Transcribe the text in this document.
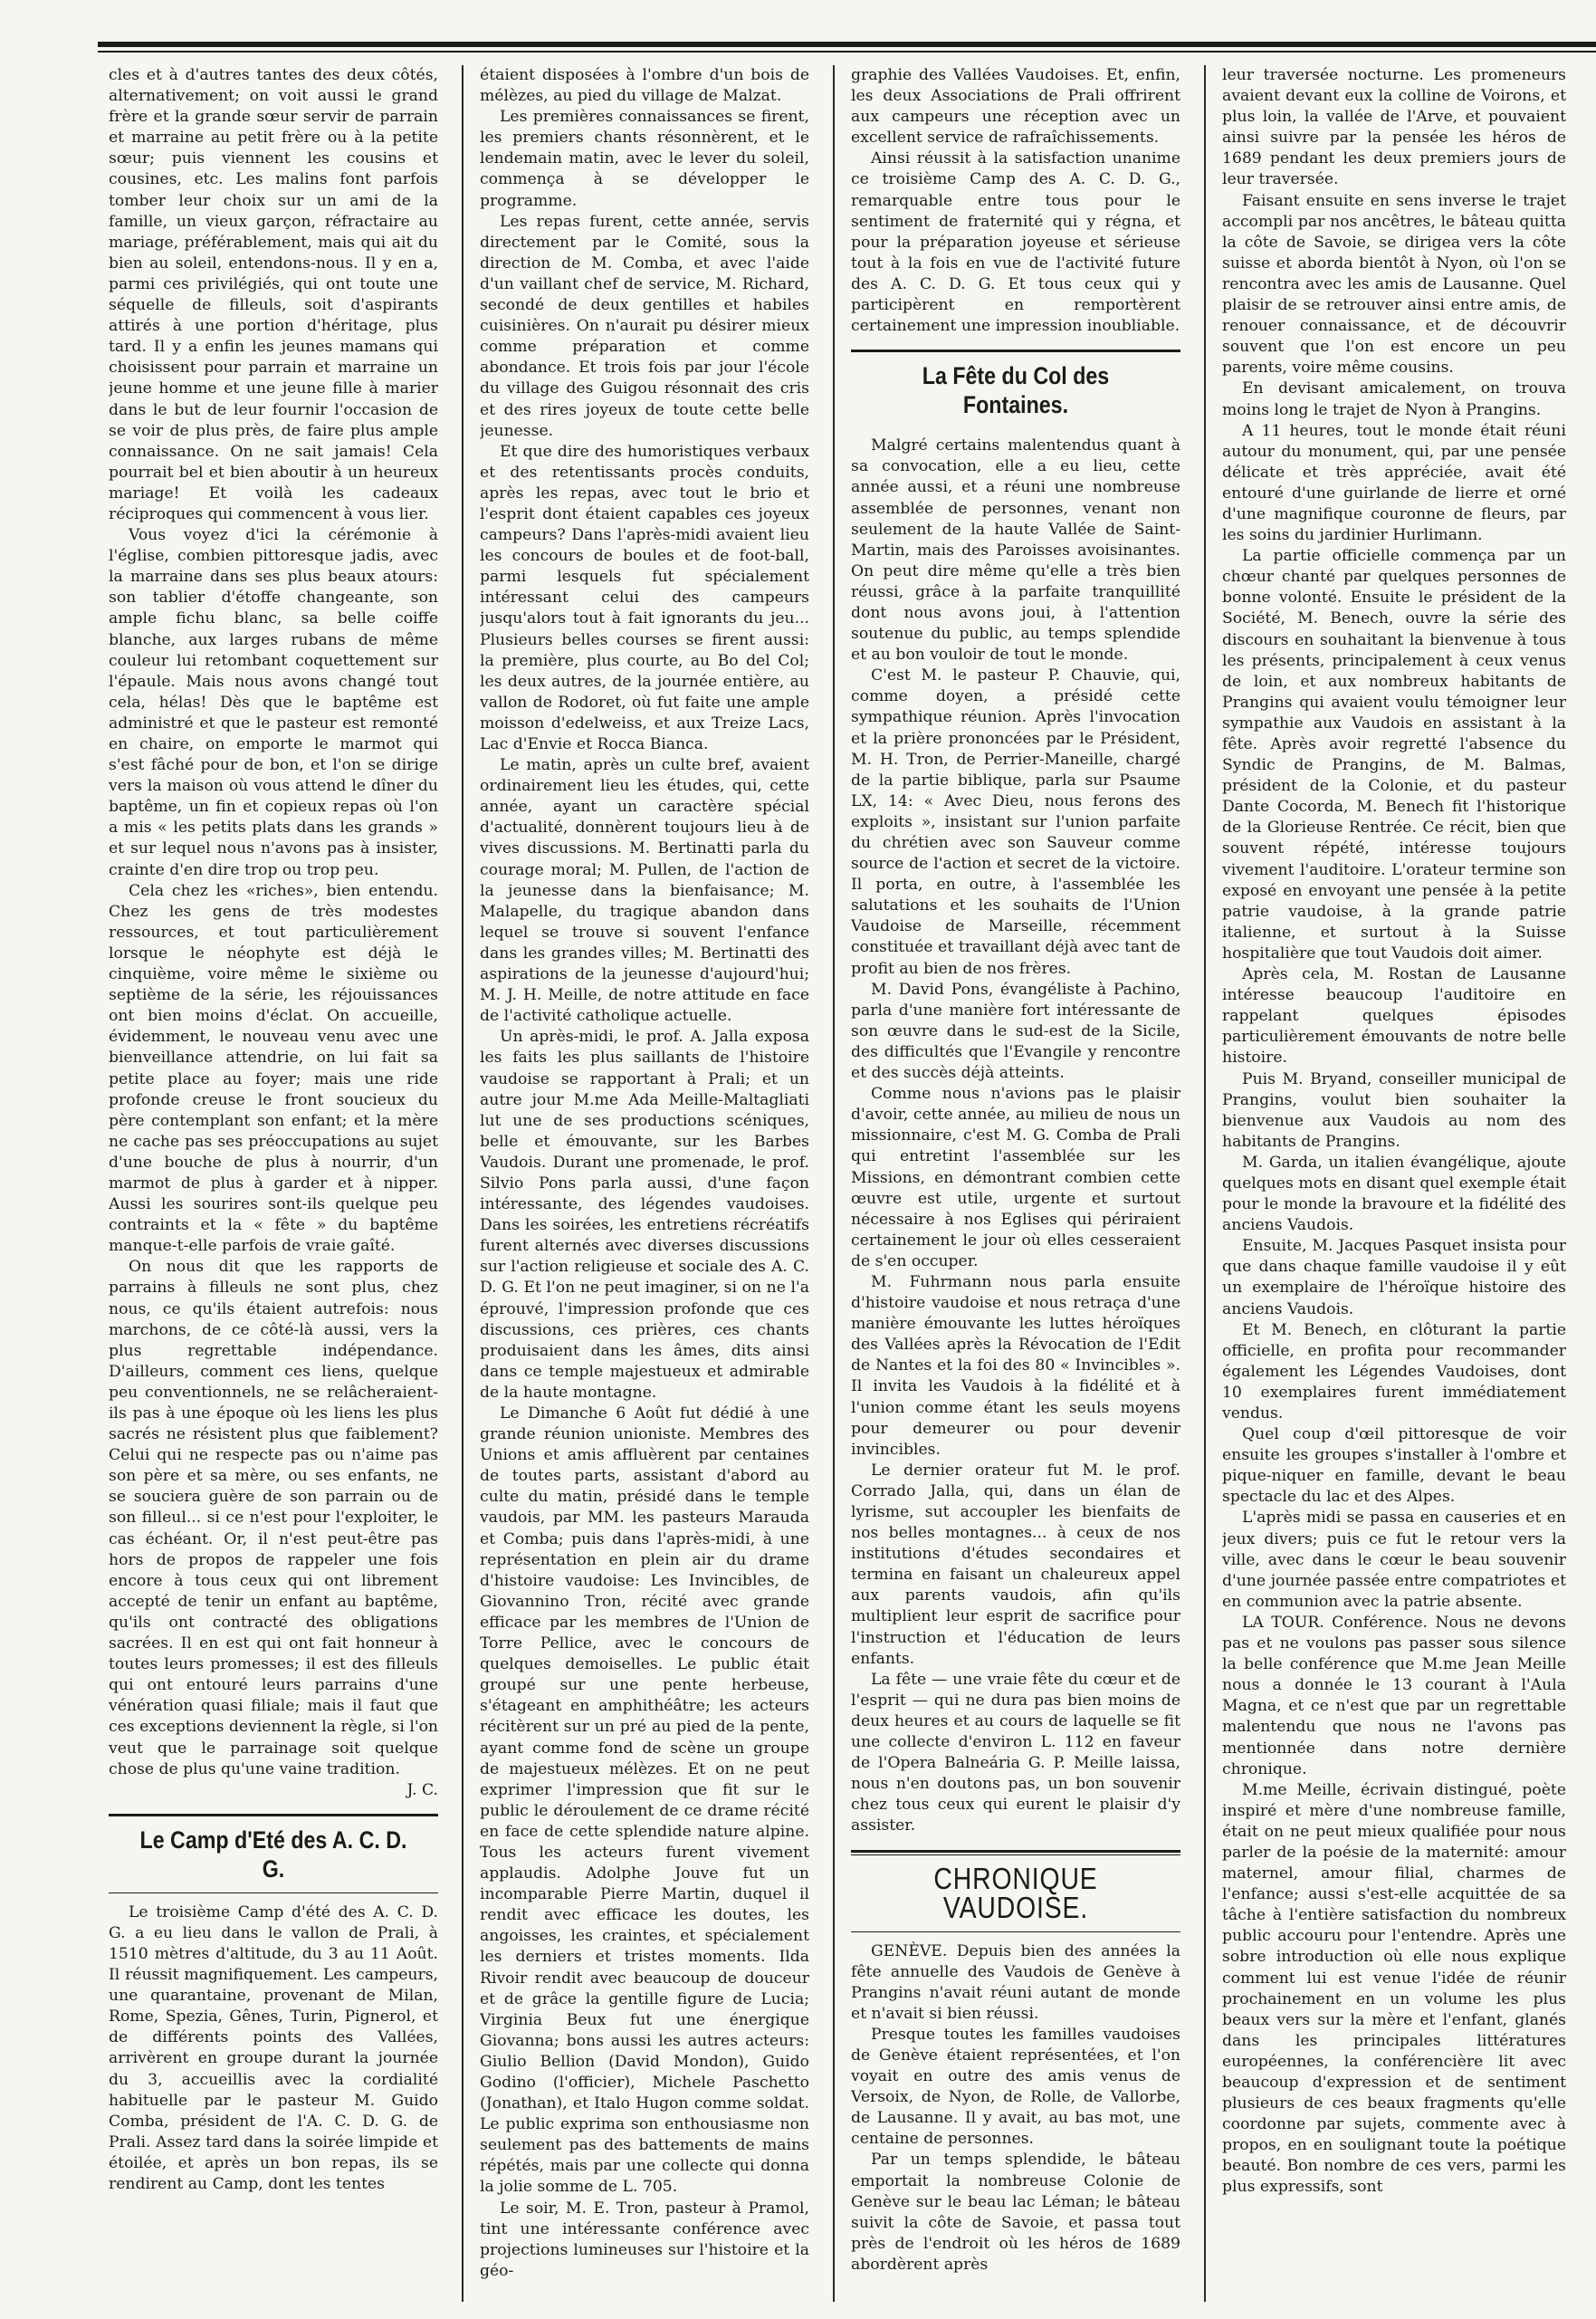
cles et à d'autres tantes des deux côtés, alternativement; on voit aussi le grand frère et la grande sœur servir de parrain et marraine au petit frère ou à la petite sœur; puis viennent les cousins et cousines, etc. Les malins font parfois tomber leur choix sur un ami de la famille, un vieux garçon, réfractaire au mariage, préférablement, mais qui ait du bien au soleil, entendons-nous. Il y en a, parmi ces privilégiés, qui ont toute une séquelle de filleuls, soit d'aspirants attirés à une portion d'héritage, plus tard. Il y a enfin les jeunes mamans qui choisissent pour parrain et marraine un jeune homme et une jeune fille à marier dans le but de leur fournir l'occasion de se voir de plus près, de faire plus ample connaissance. On ne sait jamais! Cela pourrait bel et bien aboutir à un heureux mariage! Et voilà les cadeaux réciproques qui commencent à vous lier.

Vous voyez d'ici la cérémonie à l'église, combien pittoresque jadis, avec la marraine dans ses plus beaux atours: son tablier d'étoffe changeante, son ample fichu blanc, sa belle coiffe blanche, aux larges rubans de même couleur lui retombant coquettement sur l'épaule. Mais nous avons changé tout cela, hélas! Dès que le baptême est administré et que le pasteur est remonté en chaire, on emporte le marmot qui s'est fâché pour de bon, et l'on se dirige vers la maison où vous attend le dîner du baptême, un fin et copieux repas où l'on a mis « les petits plats dans les grands » et sur lequel nous n'avons pas à insister, crainte d'en dire trop ou trop peu.

Cela chez les «riches», bien entendu. Chez les gens de très modestes ressources, et tout particulièrement lorsque le néophyte est déjà le cinquième, voire même le sixième ou septième de la série, les réjouissances ont bien moins d'éclat. On accueille, évidemment, le nouveau venu avec une bienveillance attendrie, on lui fait sa petite place au foyer; mais une ride profonde creuse le front soucieux du père contemplant son enfant; et la mère ne cache pas ses préoccupations au sujet d'une bouche de plus à nourrir, d'un marmot de plus à garder et à nipper. Aussi les sourires sont-ils quelque peu contraints et la « fête » du baptême manque-t-elle parfois de vraie gaîté.

On nous dit que les rapports de parrains à filleuls ne sont plus, chez nous, ce qu'ils étaient autrefois: nous marchons, de ce côté-là aussi, vers la plus regrettable indépendance. D'ailleurs, comment ces liens, quelque peu conventionnels, ne se relâcheraient-ils pas à une époque où les liens les plus sacrés ne résistent plus que faiblement? Celui qui ne respecte pas ou n'aime pas son père et sa mère, ou ses enfants, ne se souciera guère de son parrain ou de son filleul... si ce n'est pour l'exploiter, le cas échéant. Or, il n'est peut-être pas hors de propos de rappeler une fois encore à tous ceux qui ont librement accepté de tenir un enfant au baptême, qu'ils ont contracté des obligations sacrées. Il en est qui ont fait honneur à toutes leurs promesses; il est des filleuls qui ont entouré leurs parrains d'une vénération quasi filiale; mais il faut que ces exceptions deviennent la règle, si l'on veut que le parrainage soit quelque chose de plus qu'une vaine tradition.

J. C.

Le Camp d'Eté des A. C. D. G.

Le troisième Camp d'été des A. C. D. G. a eu lieu dans le vallon de Prali, à 1510 mètres d'altitude, du 3 au 11 Août. Il réussit magnifiquement. Les campeurs, une quarantaine, provenant de Milan, Rome, Spezia, Gênes, Turin, Pignerol, et de différents points des Vallées, arrivèrent en groupe durant la journée du 3, accueillis avec la cordialité habituelle par le pasteur M. Guido Comba, président de l'A. C. D. G. de Prali. Assez tard dans la soirée limpide et étoilée, et après un bon repas, ils se rendirent au Camp, dont les tentes

étaient disposées à l'ombre d'un bois de mélèzes, au pied du village de Malzat.

Les premières connaissances se firent, les premiers chants résonnèrent, et le lendemain matin, avec le lever du soleil, commença à se développer le programme.

Les repas furent, cette année, servis directement par le Comité, sous la direction de M. Comba, et avec l'aide d'un vaillant chef de service, M. Richard, secondé de deux gentilles et habiles cuisinières. On n'aurait pu désirer mieux comme préparation et comme abondance. Et trois fois par jour l'école du village des Guigou résonnait des cris et des rires joyeux de toute cette belle jeunesse.

Et que dire des humoristiques verbaux et des retentissants procès conduits, après les repas, avec tout le brio et l'esprit dont étaient capables ces joyeux campeurs? Dans l'après-midi avaient lieu les concours de boules et de foot-ball, parmi lesquels fut spécialement intéressant celui des campeurs jusqu'alors tout à fait ignorants du jeu... Plusieurs belles courses se firent aussi: la première, plus courte, au Bo del Col; les deux autres, de la journée entière, au vallon de Rodoret, où fut faite une ample moisson d'edelweiss, et aux Treize Lacs, Lac d'Envie et Rocca Bianca.

Le matin, après un culte bref, avaient ordinairement lieu les études, qui, cette année, ayant un caractère spécial d'actualité, donnèrent toujours lieu à de vives discussions. M. Bertinatti parla du courage moral; M. Pullen, de l'action de la jeunesse dans la bienfaisance; M. Malapelle, du tragique abandon dans lequel se trouve si souvent l'enfance dans les grandes villes; M. Bertinatti des aspirations de la jeunesse d'aujourd'hui; M. J. H. Meille, de notre attitude en face de l'activité catholique actuelle.

Un après-midi, le prof. A. Jalla exposa les faits les plus saillants de l'histoire vaudoise se rapportant à Prali; et un autre jour M.me Ada Meille-Maltagliati lut une de ses productions scéniques, belle et émouvante, sur les Barbes Vaudois. Durant une promenade, le prof. Silvio Pons parla aussi, d'une façon intéressante, des légendes vaudoises. Dans les soirées, les entretiens récréatifs furent alternés avec diverses discussions sur l'action religieuse et sociale des A. C. D. G. Et l'on ne peut imaginer, si on ne l'a éprouvé, l'impression profonde que ces discussions, ces prières, ces chants produisaient dans les âmes, dits ainsi dans ce temple majestueux et admirable de la haute montagne.

Le Dimanche 6 Août fut dédié à une grande réunion unioniste. Membres des Unions et amis affluèrent par centaines de toutes parts, assistant d'abord au culte du matin, présidé dans le temple vaudois, par MM. les pasteurs Marauda et Comba; puis dans l'après-midi, à une représentation en plein air du drame d'histoire vaudoise: Les Invincibles, de Giovannino Tron, récité avec grande efficace par les membres de l'Union de Torre Pellice, avec le concours de quelques demoiselles. Le public était groupé sur une pente herbeuse, s'étageant en amphithéâtre; les acteurs récitèrent sur un pré au pied de la pente, ayant comme fond de scène un groupe de majestueux mélèzes. Et on ne peut exprimer l'impression que fit sur le public le déroulement de ce drame récité en face de cette splendide nature alpine. Tous les acteurs furent vivement applaudis. Adolphe Jouve fut un incomparable Pierre Martin, duquel il rendit avec efficace les doutes, les angoisses, les craintes, et spécialement les derniers et tristes moments. Ilda Rivoir rendit avec beaucoup de douceur et de grâce la gentille figure de Lucia; Virginia Beux fut une énergique Giovanna; bons aussi les autres acteurs: Giulio Bellion (David Mondon), Guido Godino (l'officier), Michele Paschetto (Jonathan), et Italo Hugon comme soldat. Le public exprima son enthousiasme non seulement pas des battements de mains répétés, mais par une collecte qui donna la jolie somme de L. 705.

Le soir, M. E. Tron, pasteur à Pramol, tint une intéressante conférence avec projections lumineuses sur l'histoire et la géo-

graphie des Vallées Vaudoises. Et, enfin, les deux Associations de Prali offrirent aux campeurs une réception avec un excellent service de rafraîchissements.

Ainsi réussit à la satisfaction unanime ce troisième Camp des A. C. D. G., remarquable entre tous pour le sentiment de fraternité qui y régna, et pour la préparation joyeuse et sérieuse tout à la fois en vue de l'activité future des A. C. D. G. Et tous ceux qui y participèrent en remportèrent certainement une impression inoubliable.

La Fête du Col des Fontaines.

Malgré certains malentendus quant à sa convocation, elle a eu lieu, cette année aussi, et a réuni une nombreuse assemblée de personnes, venant non seulement de la haute Vallée de Saint-Martin, mais des Paroisses avoisinantes. On peut dire même qu'elle a très bien réussi, grâce à la parfaite tranquillité dont nous avons joui, à l'attention soutenue du public, au temps splendide et au bon vouloir de tout le monde.

C'est M. le pasteur P. Chauvie, qui, comme doyen, a présidé cette sympathique réunion. Après l'invocation et la prière prononcées par le Président, M. H. Tron, de Perrier-Maneille, chargé de la partie biblique, parla sur Psaume LX, 14: « Avec Dieu, nous ferons des exploits », insistant sur l'union parfaite du chrétien avec son Sauveur comme source de l'action et secret de la victoire. Il porta, en outre, à l'assemblée les salutations et les souhaits de l'Union Vaudoise de Marseille, récemment constituée et travaillant déjà avec tant de profit au bien de nos frères.

M. David Pons, évangéliste à Pachino, parla d'une manière fort intéressante de son œuvre dans le sud-est de la Sicile, des difficultés que l'Evangile y rencontre et des succès déjà atteints.

Comme nous n'avions pas le plaisir d'avoir, cette année, au milieu de nous un missionnaire, c'est M. G. Comba de Prali qui entretint l'assemblée sur les Missions, en démontrant combien cette œuvre est utile, urgente et surtout nécessaire à nos Eglises qui périraient certainement le jour où elles cesseraient de s'en occuper.

M. Fuhrmann nous parla ensuite d'histoire vaudoise et nous retraça d'une manière émouvante les luttes héroïques des Vallées après la Révocation de l'Edit de Nantes et la foi des 80 « Invincibles ». Il invita les Vaudois à la fidélité et à l'union comme étant les seuls moyens pour demeurer ou pour devenir invincibles.

Le dernier orateur fut M. le prof. Corrado Jalla, qui, dans un élan de lyrisme, sut accoupler les bienfaits de nos belles montagnes... à ceux de nos institutions d'études secondaires et termina en faisant un chaleureux appel aux parents vaudois, afin qu'ils multiplient leur esprit de sacrifice pour l'instruction et l'éducation de leurs enfants.

La fête — une vraie fête du cœur et de l'esprit — qui ne dura pas bien moins de deux heures et au cours de laquelle se fit une collecte d'environ L. 112 en faveur de l'Opera Balneária G. P. Meille laissa, nous n'en doutons pas, un bon souvenir chez tous ceux qui eurent le plaisir d'y assister.

CHRONIQUE VAUDOISE.

GENÈVE. Depuis bien des années la fête annuelle des Vaudois de Genève à Prangins n'avait réuni autant de monde et n'avait si bien réussi.

Presque toutes les familles vaudoises de Genève étaient représentées, et l'on voyait en outre des amis venus de Versoix, de Nyon, de Rolle, de Vallorbe, de Lausanne. Il y avait, au bas mot, une centaine de personnes.

Par un temps splendide, le bâteau emportait la nombreuse Colonie de Genève sur le beau lac Léman; le bâteau suivit la côte de Savoie, et passa tout près de l'endroit où les héros de 1689 abordèrent après

leur traversée nocturne. Les promeneurs avaient devant eux la colline de Voirons, et plus loin, la vallée de l'Arve, et pouvaient ainsi suivre par la pensée les héros de 1689 pendant les deux premiers jours de leur traversée.

Faisant ensuite en sens inverse le trajet accompli par nos ancêtres, le bâteau quitta la côte de Savoie, se dirigea vers la côte suisse et aborda bientôt à Nyon, où l'on se rencontra avec les amis de Lausanne. Quel plaisir de se retrouver ainsi entre amis, de renouer connaissance, et de découvrir souvent que l'on est encore un peu parents, voire même cousins.

En devisant amicalement, on trouva moins long le trajet de Nyon à Prangins.

A 11 heures, tout le monde était réuni autour du monument, qui, par une pensée délicate et très appréciée, avait été entouré d'une guirlande de lierre et orné d'une magnifique couronne de fleurs, par les soins du jardinier Hurlimann.

La partie officielle commença par un chœur chanté par quelques personnes de bonne volonté. Ensuite le président de la Société, M. Benech, ouvre la série des discours en souhaitant la bienvenue à tous les présents, principalement à ceux venus de loin, et aux nombreux habitants de Prangins qui avaient voulu témoigner leur sympathie aux Vaudois en assistant à la fête. Après avoir regretté l'absence du Syndic de Prangins, de M. Balmas, président de la Colonie, et du pasteur Dante Cocorda, M. Benech fit l'historique de la Glorieuse Rentrée. Ce récit, bien que souvent répété, intéresse toujours vivement l'auditoire. L'orateur termine son exposé en envoyant une pensée à la petite patrie vaudoise, à la grande patrie italienne, et surtout à la Suisse hospitalière que tout Vaudois doit aimer.

Après cela, M. Rostan de Lausanne intéresse beaucoup l'auditoire en rappelant quelques épisodes particulièrement émouvants de notre belle histoire.

Puis M. Bryand, conseiller municipal de Prangins, voulut bien souhaiter la bienvenue aux Vaudois au nom des habitants de Prangins.

M. Garda, un italien évangélique, ajoute quelques mots en disant quel exemple était pour le monde la bravoure et la fidélité des anciens Vaudois.

Ensuite, M. Jacques Pasquet insista pour que dans chaque famille vaudoise il y eût un exemplaire de l'héroïque histoire des anciens Vaudois.

Et M. Benech, en clôturant la partie officielle, en profita pour recommander également les Légendes Vaudoises, dont 10 exemplaires furent immédiatement vendus.

Quel coup d'œil pittoresque de voir ensuite les groupes s'installer à l'ombre et pique-niquer en famille, devant le beau spectacle du lac et des Alpes.

L'après midi se passa en causeries et en jeux divers; puis ce fut le retour vers la ville, avec dans le cœur le beau souvenir d'une journée passée entre compatriotes et en communion avec la patrie absente.

LA TOUR. Conférence. Nous ne devons pas et ne voulons pas passer sous silence la belle conférence que M.me Jean Meille nous a donnée le 13 courant à l'Aula Magna, et ce n'est que par un regrettable malentendu que nous ne l'avons pas mentionnée dans notre dernière chronique.

M.me Meille, écrivain distingué, poète inspiré et mère d'une nombreuse famille, était on ne peut mieux qualifiée pour nous parler de la poésie de la maternité: amour maternel, amour filial, charmes de l'enfance; aussi s'est-elle acquittée de sa tâche à l'entière satisfaction du nombreux public accouru pour l'entendre. Après une sobre introduction où elle nous explique comment lui est venue l'idée de réunir prochainement en un volume les plus beaux vers sur la mère et l'enfant, glanés dans les principales littératures européennes, la conférencière lit avec beaucoup d'expression et de sentiment plusieurs de ces beaux fragments qu'elle coordonne par sujets, commente avec à propos, en en soulignant toute la poétique beauté. Bon nombre de ces vers, parmi les plus expressifs, sont
